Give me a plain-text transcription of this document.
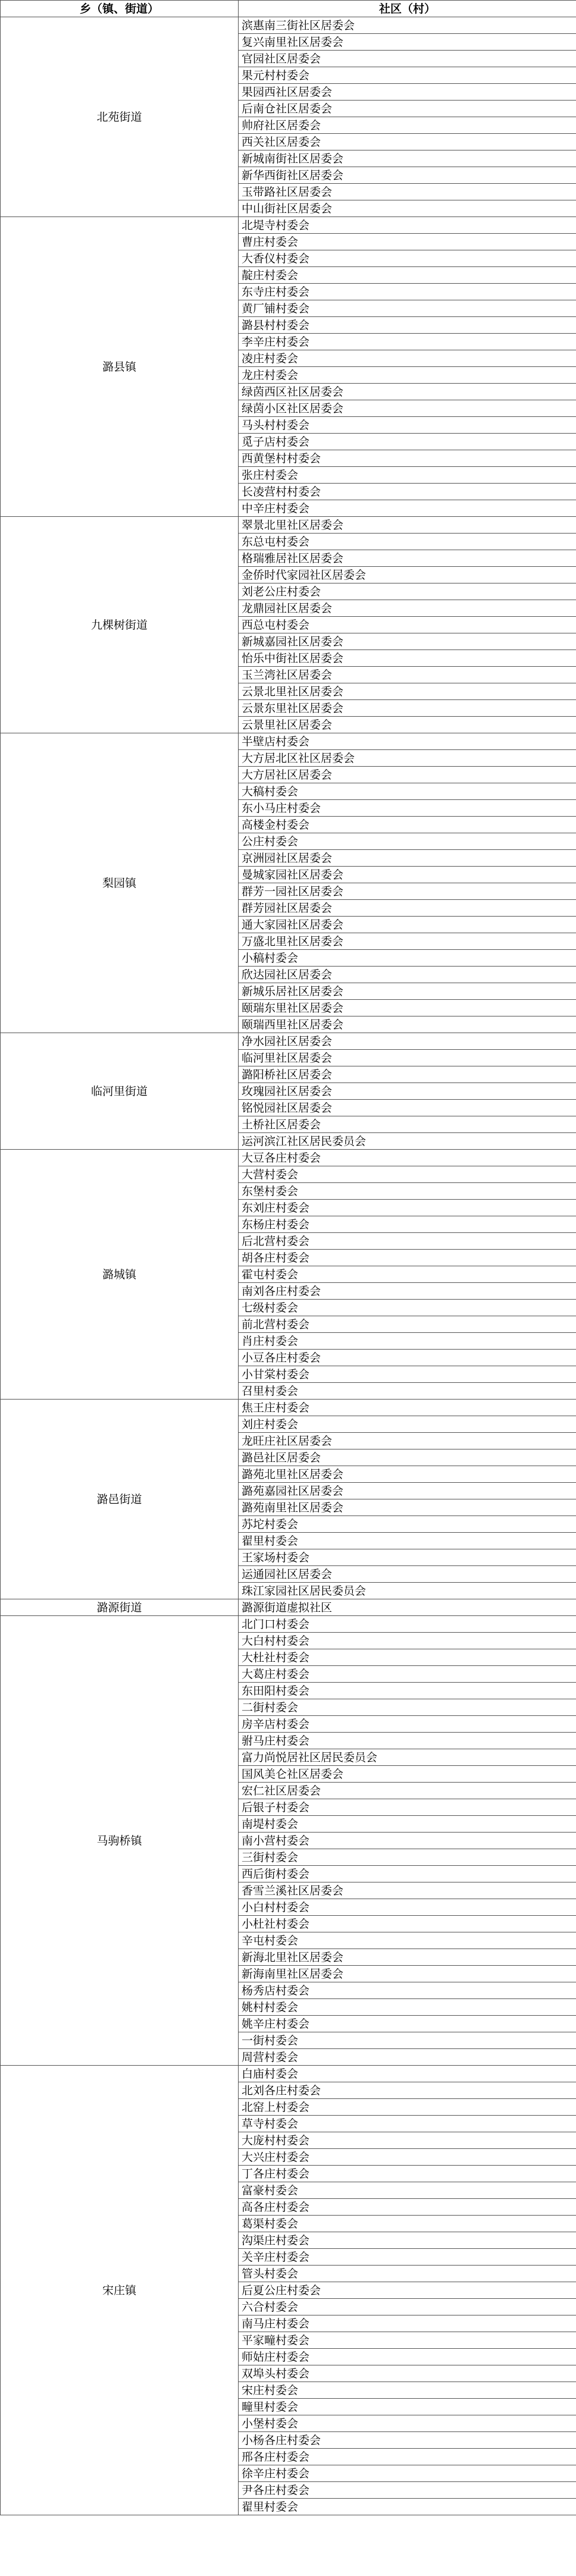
乡（镇、街道）	社区（村）
北苑街道	滨惠南三街社区居委会
	复兴南里社区居委会
	官园社区居委会
	果元村村委会
	果园西社区居委会
	后南仓社区居委会
	帅府社区居委会
	西关社区居委会
	新城南街社区居委会
	新华西街社区居委会
	玉带路社区居委会
	中山街社区居委会
潞县镇	北堤寺村委会
	曹庄村委会
	大香仪村委会
	靛庄村委会
	东寺庄村委会
	黄厂铺村委会
	潞县村村委会
	李辛庄村委会
	凌庄村委会
	龙庄村委会
	绿茵西区社区居委会
	绿茵小区社区居委会
	马头村村委会
	觅子店村委会
	西黄堡村村委会
	张庄村委会
	长凌营村村委会
	中辛庄村委会
九棵树街道	翠景北里社区居委会
	东总屯村委会
	格瑞雅居社区居委会
	金侨时代家园社区居委会
	刘老公庄村委会
	龙鼎园社区居委会
	西总屯村委会
	新城嘉园社区居委会
	怡乐中街社区居委会
	玉兰湾社区居委会
	云景北里社区居委会
	云景东里社区居委会
	云景里社区居委会
梨园镇	半壁店村委会
	大方居北区社区居委会
	大方居社区居委会
	大稿村委会
	东小马庄村委会
	高楼金村委会
	公庄村委会
	京洲园社区居委会
	曼城家园社区居委会
	群芳一园社区居委会
	群芳园社区居委会
	通大家园社区居委会
	万盛北里社区居委会
	小稿村委会
	欣达园社区居委会
	新城乐居社区居委会
	颐瑞东里社区居委会
	颐瑞西里社区居委会
临河里街道	净水园社区居委会
	临河里社区居委会
	潞阳桥社区居委会
	玫瑰园社区居委会
	铭悦园社区居委会
	土桥社区居委会
	运河滨江社区居民委员会
潞城镇	大豆各庄村委会
	大营村委会
	东堡村委会
	东刘庄村委会
	东杨庄村委会
	后北营村委会
	胡各庄村委会
	霍屯村委会
	南刘各庄村委会
	七级村委会
	前北营村委会
	肖庄村委会
	小豆各庄村委会
	小甘棠村委会
	召里村委会
潞邑街道	焦王庄村委会
	刘庄村委会
	龙旺庄社区居委会
	潞邑社区居委会
	潞苑北里社区居委会
	潞苑嘉园社区居委会
	潞苑南里社区居委会
	苏坨村委会
	翟里村委会
	王家场村委会
	运通园社区居委会
	珠江家园社区居民委员会
潞源街道	潞源街道虚拟社区
马驹桥镇	北门口村委会
	大白村村委会
	大杜社村委会
	大葛庄村委会
	东田阳村委会
	二街村委会
	房辛店村委会
	驸马庄村委会
	富力尚悦居社区居民委员会
	国风美仑社区居委会
	宏仁社区居委会
	后银子村委会
	南堤村委会
	南小营村委会
	三街村委会
	西后街村委会
	香雪兰溪社区居委会
	小白村村委会
	小杜社村委会
	辛屯村委会
	新海北里社区居委会
	新海南里社区居委会
	杨秀店村委会
	姚村村委会
	姚辛庄村委会
	一街村委会
	周营村委会
宋庄镇	白庙村委会
	北刘各庄村委会
	北窑上村委会
	草寺村委会
	大庞村村委会
	大兴庄村委会
	丁各庄村委会
	富豪村委会
	高各庄村委会
	葛渠村委会
	沟渠庄村委会
	关辛庄村委会
	管头村委会
	后夏公庄村委会
	六合村委会
	南马庄村委会
	平家疃村委会
	师姑庄村委会
	双埠头村委会
	宋庄村委会
	疃里村委会
	小堡村委会
	小杨各庄村委会
	邢各庄村委会
	徐辛庄村委会
	尹各庄村委会
	翟里村委会
